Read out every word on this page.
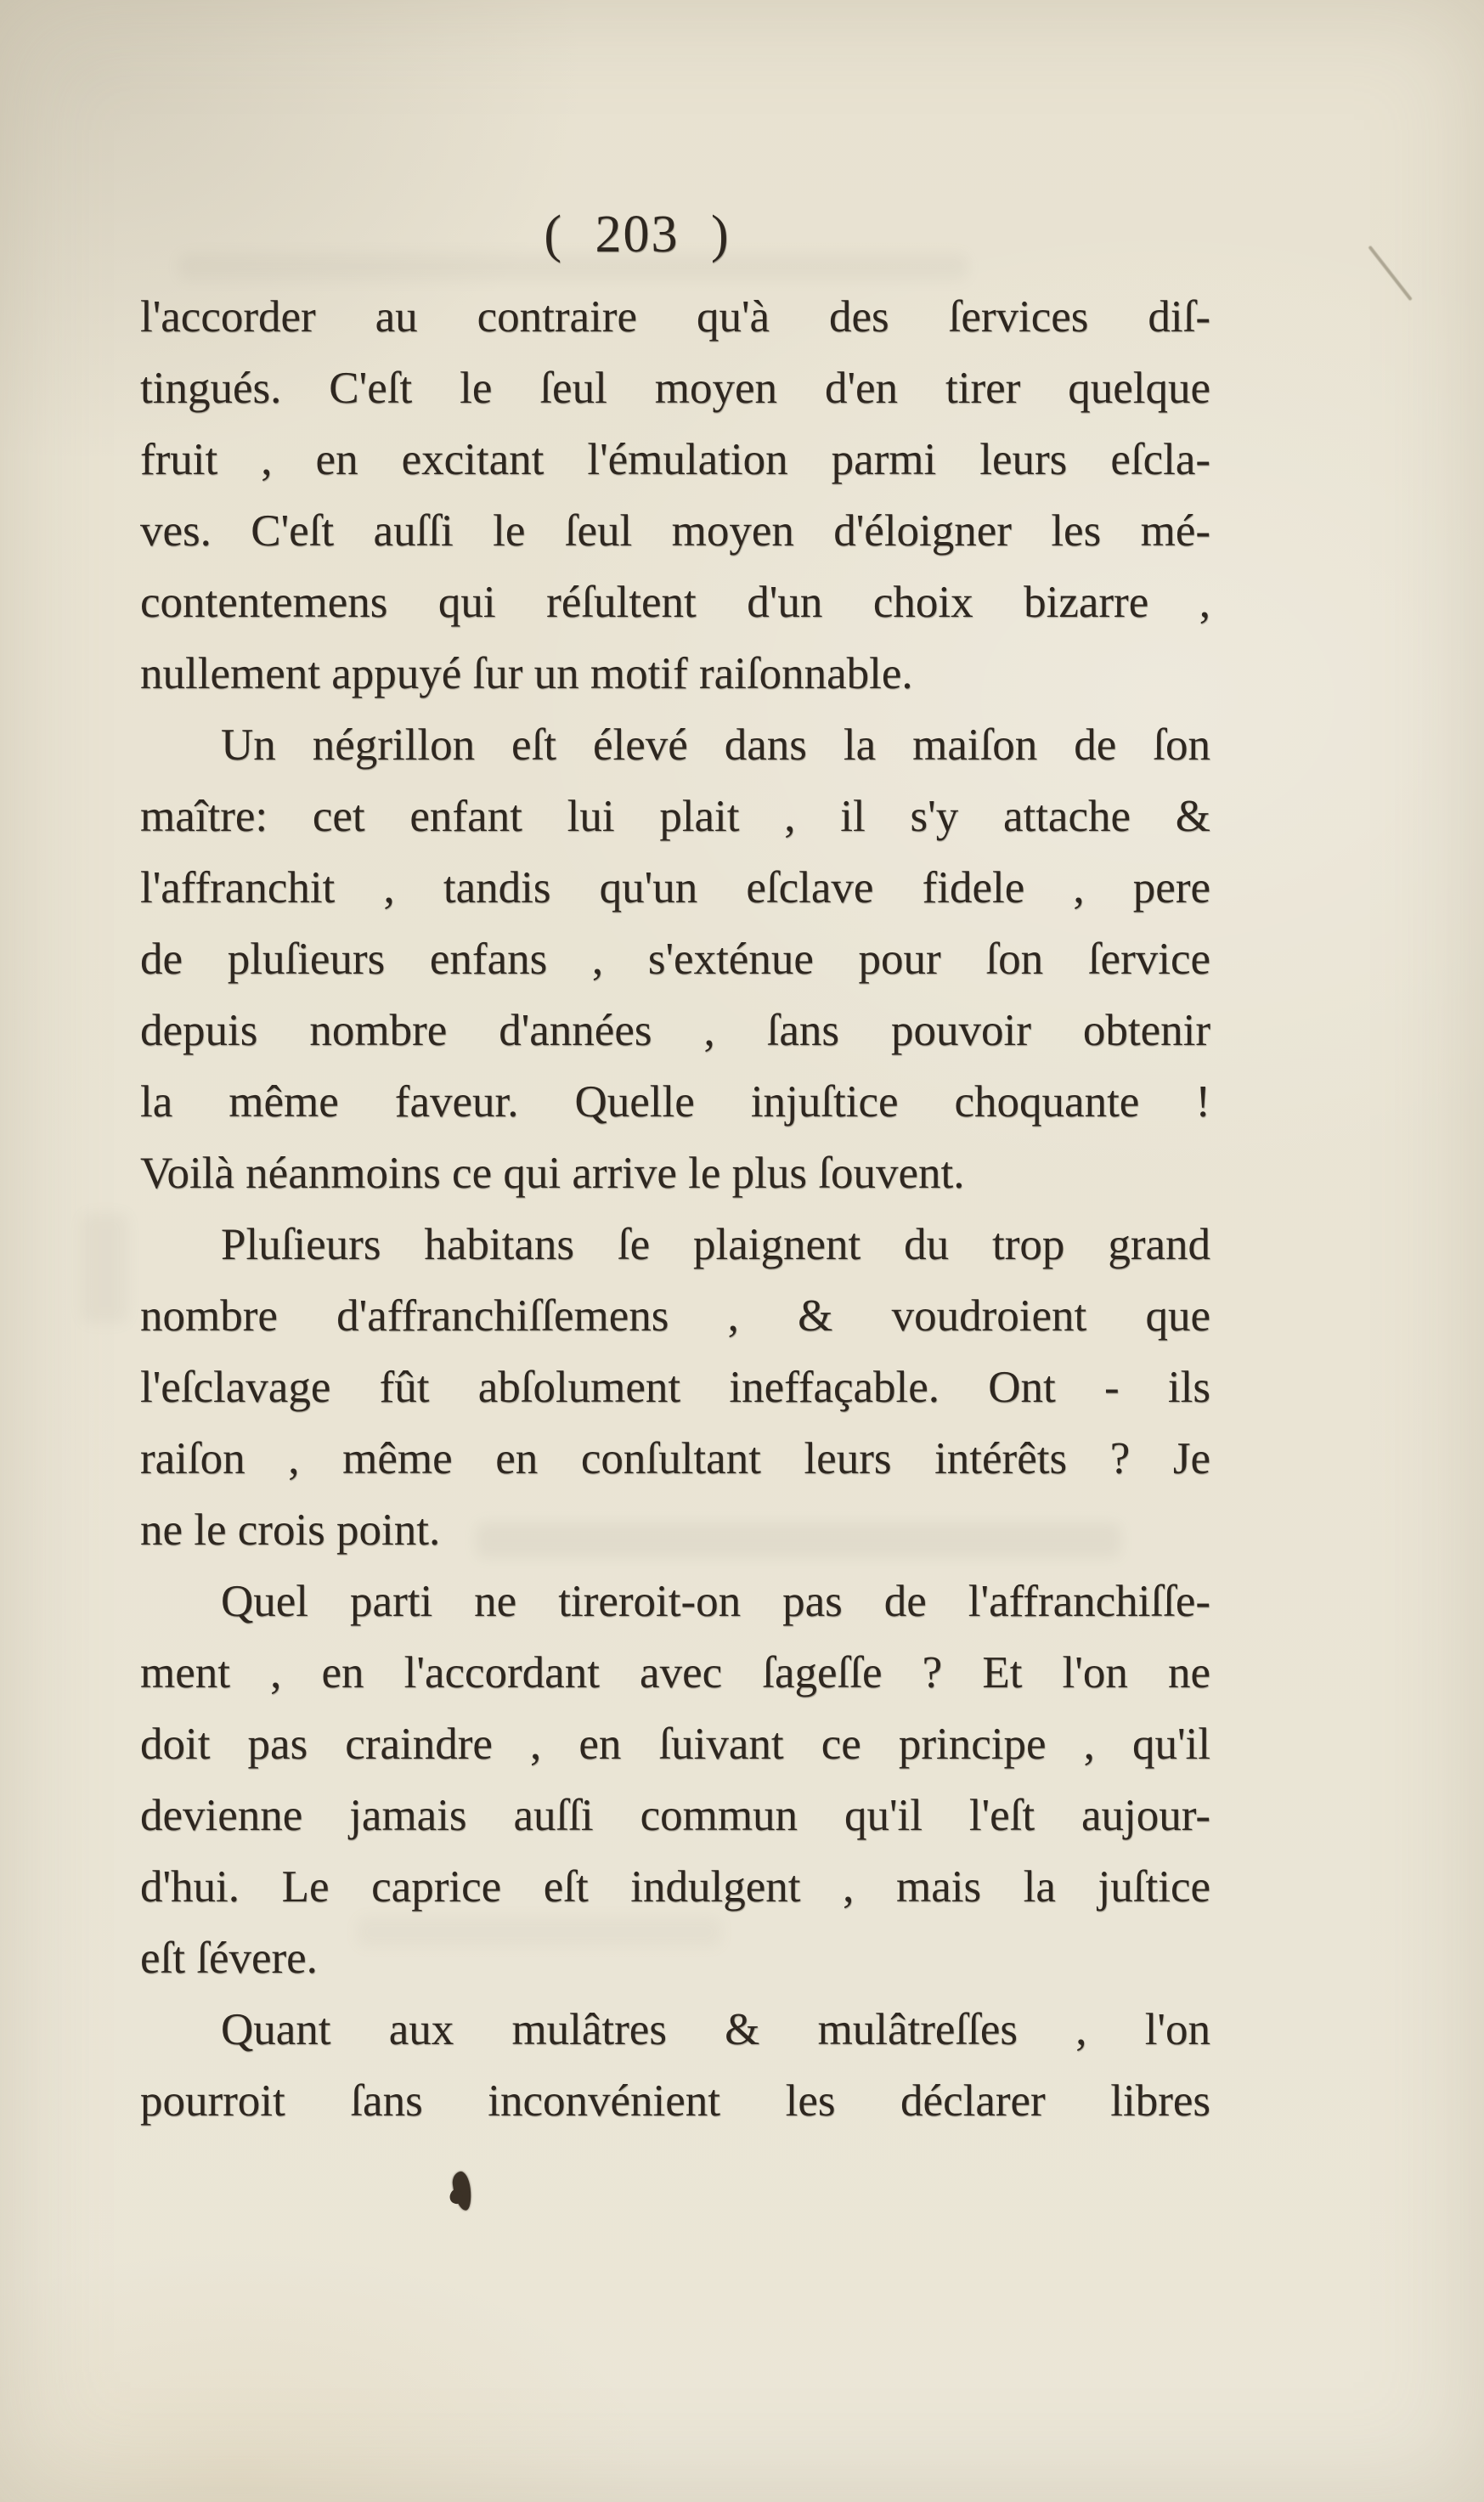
( 203 )
l'accorder au contraire qu'à des ſervices diſ-
tingués. C'eſt le ſeul moyen d'en tirer quelque
fruit , en excitant l'émulation parmi leurs eſcla-
ves. C'eſt auſſi le ſeul moyen d'éloigner les mé-
contentemens qui réſultent d'un choix bizarre ,
nullement appuyé ſur un motif raiſonnable.
Un négrillon eſt élevé dans la maiſon de ſon
maître: cet enfant lui plait , il s'y attache &
l'affranchit , tandis qu'un eſclave fidele , pere
de pluſieurs enfans , s'exténue pour ſon ſervice
depuis nombre d'années , ſans pouvoir obtenir
la même faveur. Quelle injuſtice choquante !
Voilà néanmoins ce qui arrive le plus ſouvent.
Pluſieurs habitans ſe plaignent du trop grand
nombre d'affranchiſſemens , & voudroient que
l'eſclavage fût abſolument ineffaçable. Ont - ils
raiſon , même en conſultant leurs intérêts ? Je
ne le crois point.
Quel parti ne tireroit-on pas de l'affranchiſſe-
ment , en l'accordant avec ſageſſe ? Et l'on ne
doit pas craindre , en ſuivant ce principe , qu'il
devienne jamais auſſi commun qu'il l'eſt aujour-
d'hui. Le caprice eſt indulgent , mais la juſtice
eſt ſévere.
Quant aux mulâtres & mulâtreſſes , l'on
pourroit ſans inconvénient les déclarer libres
